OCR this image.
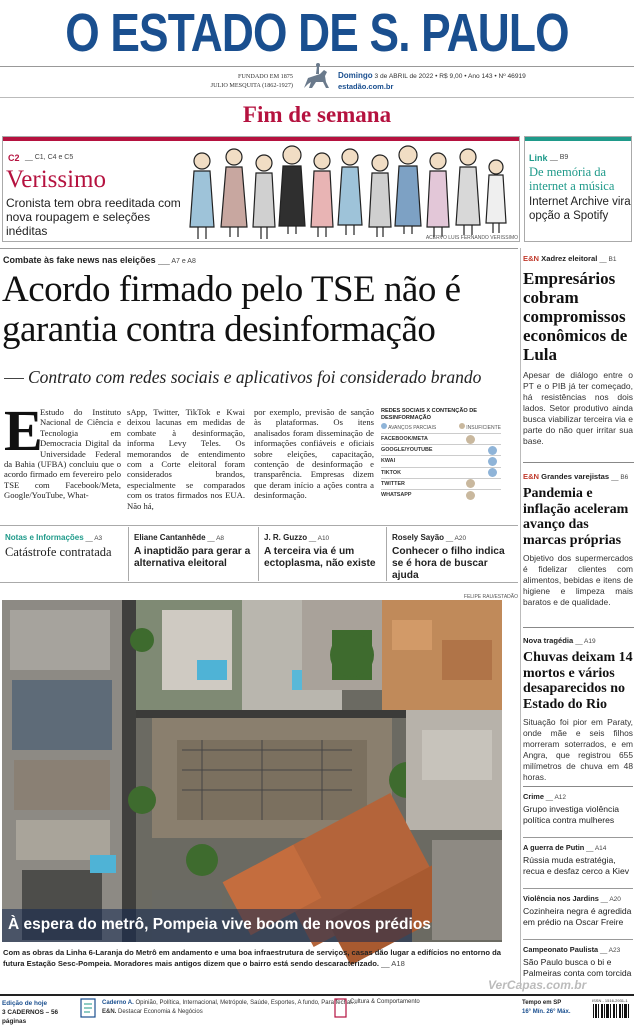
O ESTADO DE S. PAULO
FUNDADO EM 1875
JULIO MESQUITA (1862-1927)
Domingo 3 de ABRIL de 2022 • R$ 9,00 • Ano 143 • Nº 46919
estadão.com.br
Fim de semana
C2 __ C1, C4 e C5
Verissimo
Cronista tem obra reeditada com nova roupagem e seleções inéditas	ACERVO LUIS FERNANDO VERISSIMO
Link __ B9
De memória da internet a música
Internet Archive vira opção a Spotify
Combate às fake news nas eleições ___ A7 e A8
Acordo firmado pelo TSE não é garantia contra desinformação
Contrato com redes sociais e aplicativos foi considerado brando
E
Estudo do Instituto Nacional de Ciência e Tecnologia em Democracia Digital da Universidade Federal da Bahia (UFBA) concluiu que o acordo firmado em fevereiro pelo TSE com Facebook/Meta, Google/YouTube, What-
sApp, Twitter, TikTok e Kwai deixou lacunas em medidas de combate à desinformação, informa Levy Teles. Os memorandos de entendimento com a Corte eleitoral foram considerados brandos, especialmente se comparados com os tratos firmados nos EUA. Não há,
por exemplo, previsão de sanção às plataformas. Os itens analisados foram disseminação de informações confiáveis e oficiais sobre eleições, capacitação, contenção de desinformação e transparência. Empresas dizem que deram início a ações contra a desinformação.
REDES SOCIAIS X CONTENÇÃO DE DESINFORMAÇÃO
AVANÇOS PARCIAIS	INSUFICIENTE
FACEBOOK/META
GOOGLE/YOUTUBE
KWAI
TIKTOK
TWITTER
WHATSAPP
Notas e Informações __ A3
Catástrofe contratada
Eliane Cantanhêde __ A8
A inaptidão para gerar a alternativa eleitoral
J. R. Guzzo __ A10
A terceira via é um ectoplasma, não existe
Rosely Sayão __ A20
Conhecer o filho indica se é hora de buscar ajuda
FELIPE RAU/ESTADÃO
À espera do metrô, Pompeia vive boom de novos prédios
Com as obras da Linha 6-Laranja do Metrô em andamento e uma boa infraestrutura de serviços, casas dão lugar a edifícios no entorno da futura Estação Sesc-Pompeia. Moradores mais antigos dizem que o bairro está sendo descaracterizado. __ A18
E&N Xadrez eleitoral __ B1
Empresários cobram compromissos econômicos de Lula
Apesar de diálogo entre o PT e o PIB já ter começado, há resistências nos dois lados. Setor produtivo ainda busca viabilizar terceira via e parte do não quer irritar sua base.
E&N Grandes varejistas __ B6
Pandemia e inflação aceleram avanço das marcas próprias
Objetivo dos supermercados é fidelizar clientes com alimentos, bebidas e itens de higiene e limpeza mais baratos e de qualidade.
Nova tragédia __ A19
Chuvas deixam 14 mortos e vários desaparecidos no Estado do Rio
Situação foi pior em Paraty, onde mãe e seis filhos morreram soterrados, e em Angra, que registrou 655 milímetros de chuva em 48 horas.
Crime __ A12
Grupo investiga violência política contra mulheres
A guerra de Putin __ A14
Rússia muda estratégia, recua e desfaz cerco a Kiev
Violência nos Jardins __ A20
Cozinheira negra é agredida em prédio na Oscar Freire
Campeonato Paulista __ A23
São Paulo busca o bi e Palmeiras conta com torcida
Edição de hoje
3 CADERNOS – 56 páginas
Caderno A. Opinião, Política, Internacional, Metrópole, Saúde, Esportes, A fundo, Para fechar...
E&N. Destacar Economia & Negócios
Cultura & Comportamento
VerCapas.com.br
Tempo em SP
16° Mín. 26° Máx.
ISSN - 1516-2931-1
